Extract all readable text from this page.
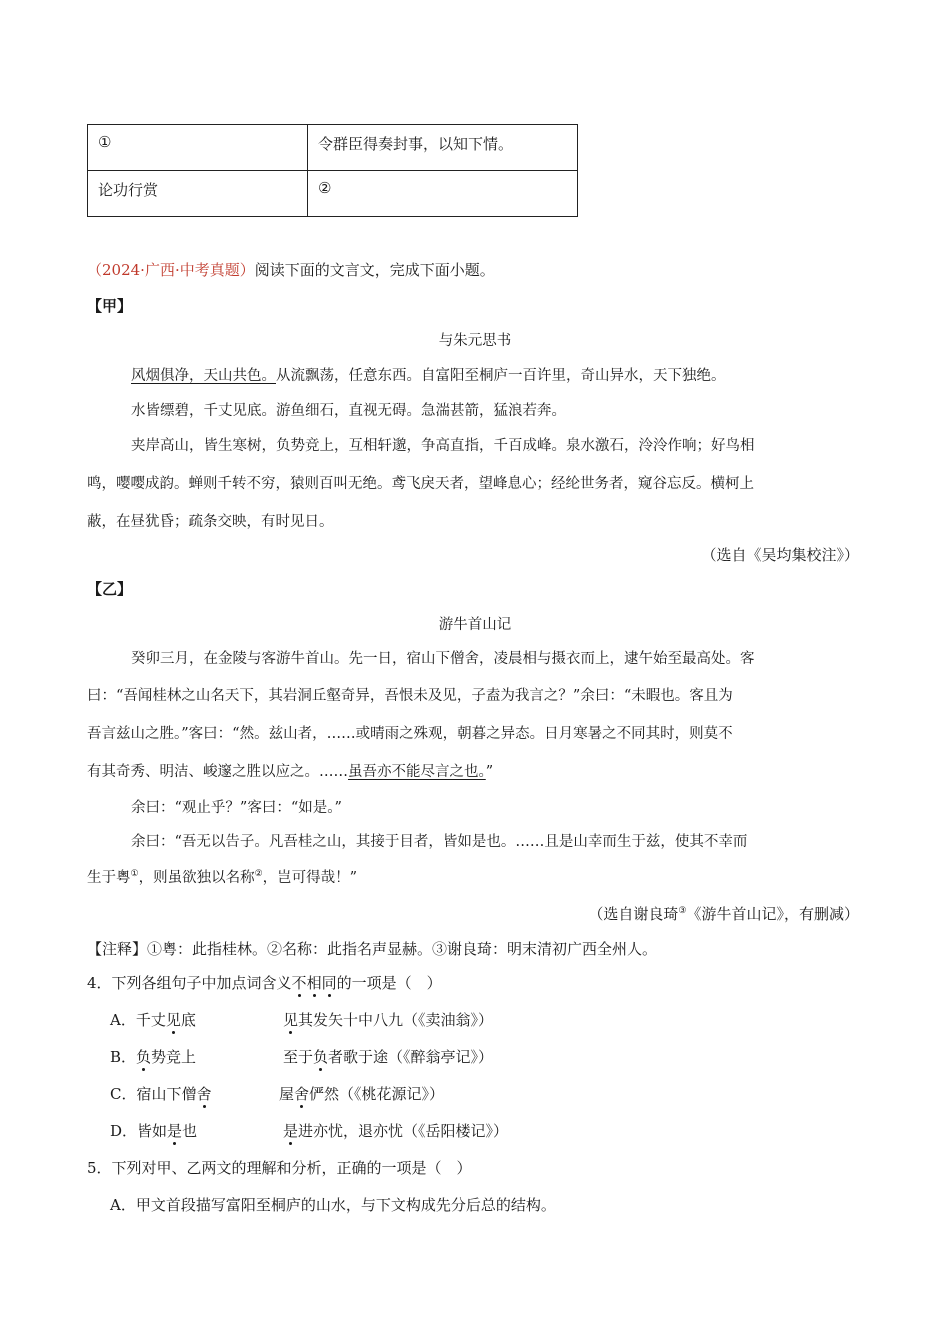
①	令群臣得奏封事，以知下情。
论功行赏	②
（2024·广西·中考真题）阅读下面的文言文，完成下面小题。
【甲】
与朱元思书
风烟俱净，天山共色。从流飘荡，任意东西。自富阳至桐庐一百许里，奇山异水，天下独绝。
水皆缥碧，千丈见底。游鱼细石，直视无碍。急湍甚箭，猛浪若奔。
夹岸高山，皆生寒树，负势竞上，互相轩邈，争高直指，千百成峰。泉水激石，泠泠作响；好鸟相
鸣，嘤嘤成韵。蝉则千转不穷，猿则百叫无绝。鸢飞戾天者，望峰息心；经纶世务者，窥谷忘反。横柯上
蔽，在昼犹昏；疏条交映，有时见日。
（选自《吴均集校注》）
【乙】
游牛首山记
癸卯三月，在金陵与客游牛首山。先一日，宿山下僧舍，凌晨相与摄衣而上，逮午始至最高处。客
曰：“吾闻桂林之山名天下，其岩洞丘壑奇异，吾恨未及见，子盍为我言之？”余曰：“未暇也。客且为
吾言兹山之胜。”客曰：“然。兹山者，……或晴雨之殊观，朝暮之异态。日月寒暑之不同其时，则莫不
有其奇秀、明洁、峻邃之胜以应之。……虽吾亦不能尽言之也。”
余曰：“观止乎？”客曰：“如是。”
余曰：“吾无以告子。凡吾桂之山，其接于目者，皆如是也。……且是山幸而生于兹，使其不幸而
生于粤①，则虽欲独以名称②，岂可得哉！”
（选自谢良琦③《游牛首山记》，有删减）
【注释】①粤：此指桂林。②名称：此指名声显赫。③谢良琦：明末清初广西全州人。
4．下列各组句子中加点词含义不相同的一项是（　）
A．千丈见底	见其发矢十中八九（《卖油翁》）
B．负势竞上	至于负者歌于途（《醉翁亭记》）
C．宿山下僧舍	屋舍俨然（《桃花源记》）
D．皆如是也	是进亦忧，退亦忧（《岳阳楼记》）
5．下列对甲、乙两文的理解和分析，正确的一项是（　）
A．甲文首段描写富阳至桐庐的山水，与下文构成先分后总的结构。
